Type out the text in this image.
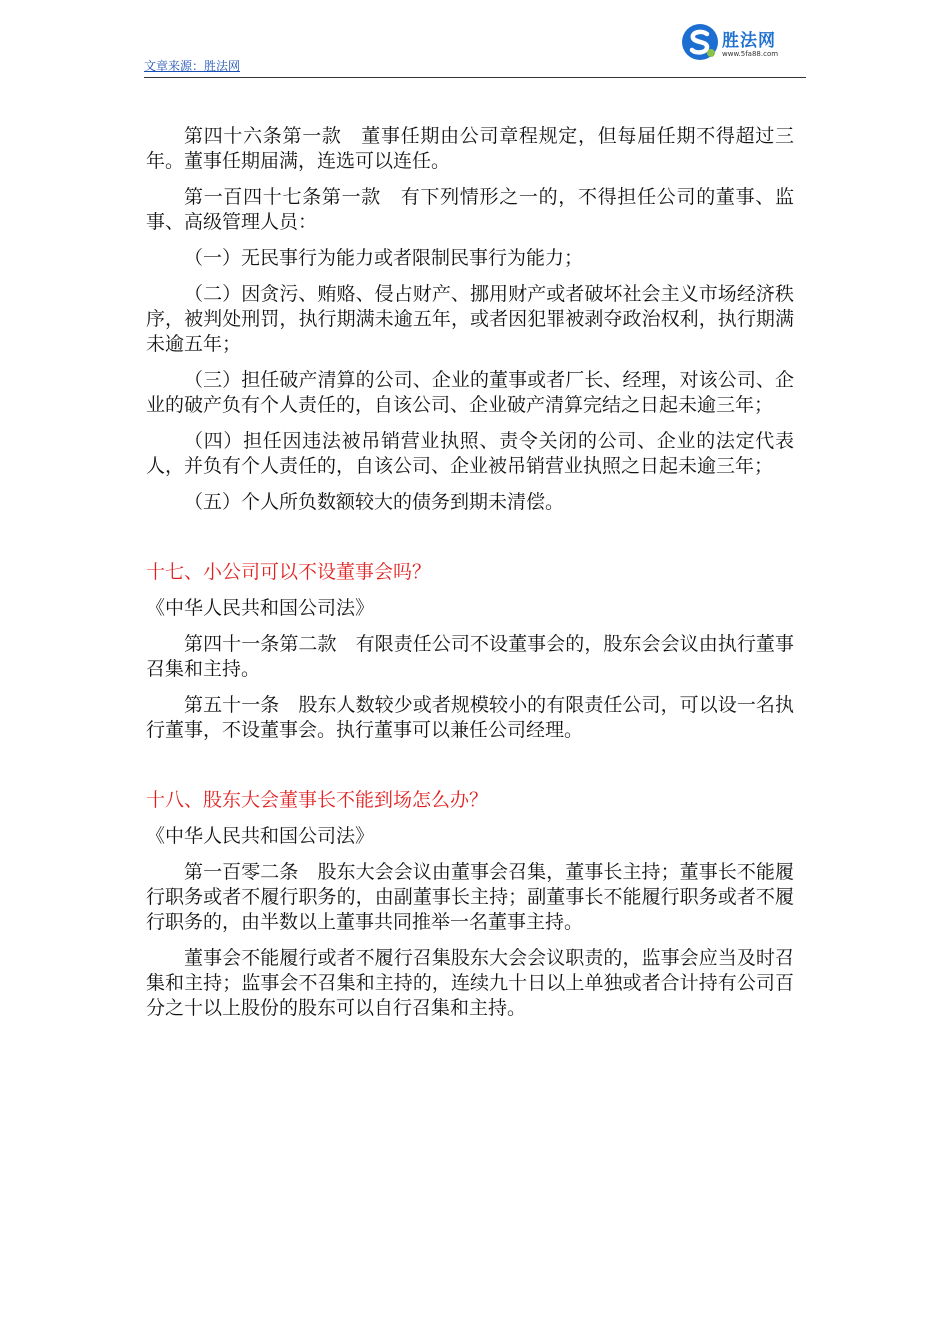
文章来源：胜法网
胜法网
www.5fa88.com

第四十六条第一款　董事任期由公司章程规定，但每届任期不得超过三年。董事任期届满，连选可以连任。

第一百四十七条第一款　有下列情形之一的，不得担任公司的董事、监事、高级管理人员：

（一）无民事行为能力或者限制民事行为能力；

（二）因贪污、贿赂、侵占财产、挪用财产或者破坏社会主义市场经济秩序，被判处刑罚，执行期满未逾五年，或者因犯罪被剥夺政治权利，执行期满未逾五年；

（三）担任破产清算的公司、企业的董事或者厂长、经理，对该公司、企业的破产负有个人责任的，自该公司、企业破产清算完结之日起未逾三年；

（四）担任因违法被吊销营业执照、责令关闭的公司、企业的法定代表人，并负有个人责任的，自该公司、企业被吊销营业执照之日起未逾三年；

（五）个人所负数额较大的债务到期未清偿。

十七、小公司可以不设董事会吗？

《中华人民共和国公司法》

第四十一条第二款　有限责任公司不设董事会的，股东会会议由执行董事召集和主持。

第五十一条　股东人数较少或者规模较小的有限责任公司，可以设一名执行董事，不设董事会。执行董事可以兼任公司经理。

十八、股东大会董事长不能到场怎么办？

《中华人民共和国公司法》

第一百零二条　股东大会会议由董事会召集，董事长主持；董事长不能履行职务或者不履行职务的，由副董事长主持；副董事长不能履行职务或者不履行职务的，由半数以上董事共同推举一名董事主持。

董事会不能履行或者不履行召集股东大会会议职责的，监事会应当及时召集和主持；监事会不召集和主持的，连续九十日以上单独或者合计持有公司百分之十以上股份的股东可以自行召集和主持。
